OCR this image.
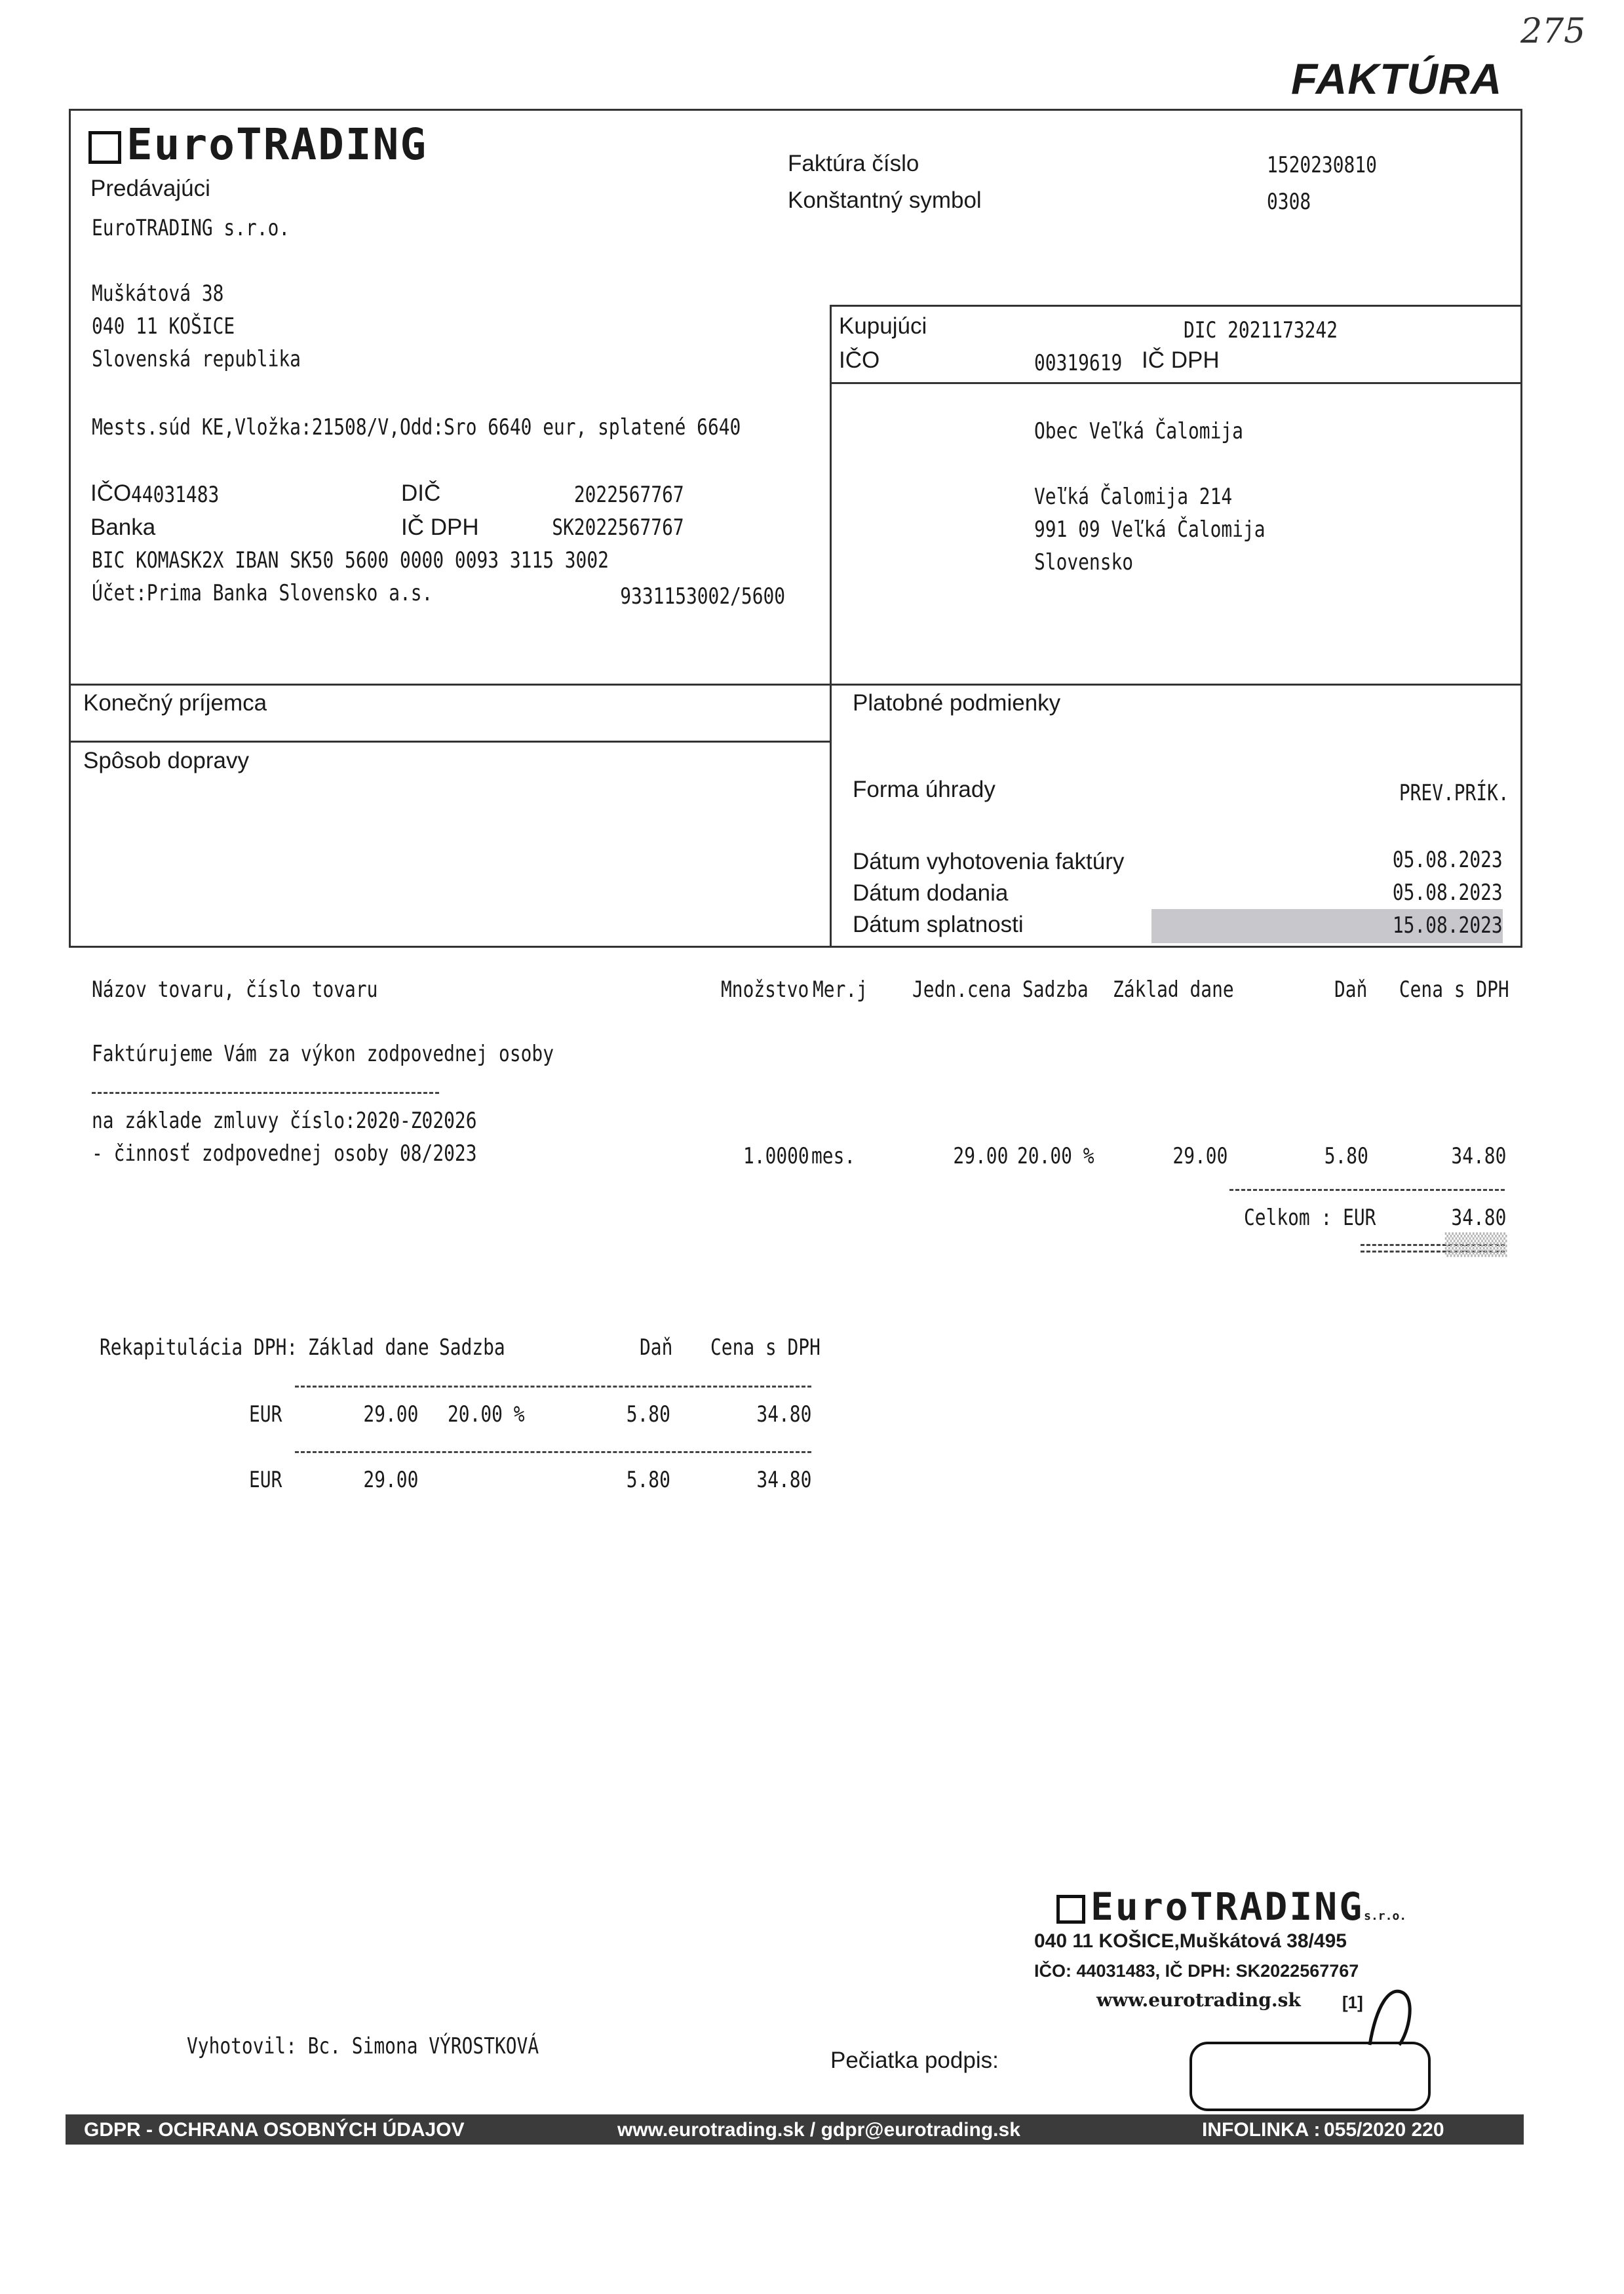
275
FAKTÚRA
EuroTRADING
Predávajúci
EuroTRADING s.r.o.
Muškátová 38
040 11 KOŠICE
Slovenská republika
Mests.súd KE,Vložka:21508/V,Odd:Sro 6640 eur, splatené 6640
IČO 44031483	DIČ	2022567767
Banka	IČ DPH	SK2022567767
BIC KOMASK2X IBAN SK50 5600 0000 0093 3115 3002
Účet:Prima Banka Slovensko a.s.	9331153002/5600
Faktúra číslo	1520230810
Konštantný symbol	0308
Kupujúci	DIC 2021173242
IČO	00319619 IČ DPH
Obec Veľká Čalomija
Veľká Čalomija 214
991 09 Veľká Čalomija
Slovensko
Konečný príjemca
Spôsob dopravy
Platobné podmienky
Forma úhrady	PREV.PRÍK.
Dátum vyhotovenia faktúry	05.08.2023
Dátum dodania	05.08.2023
Dátum splatnosti	15.08.2023
Názov tovaru, číslo tovaru	Množstvo Mer.j Jedn.cena Sadzba Základ dane	Daň Cena s DPH
Faktúrujeme Vám za výkon zodpovednej osoby
na základe zmluvy číslo:2020-Z02026
- činnosť zodpovednej osoby 08/2023	1.0000 mes.	29.00 20.00 %	29.00	5.80	34.80
Celkom : EUR	34.80
Rekapitulácia DPH: Základ dane Sadzba	Daň Cena s DPH
EUR	29.00 20.00 %	5.80	34.80
EUR	29.00	5.80	34.80
EuroTRADINGs.r.o.
040 11 KOŠICE,Muškátová 38/495
IČO: 44031483, IČ DPH: SK2022567767
www.eurotrading.sk [1]
Vyhotovil: Bc. Simona VÝROSTKOVÁ
Pečiatka podpis:
GDPR - OCHRANA OSOBNÝCH ÚDAJOV	www.eurotrading.sk / gdpr@eurotrading.sk	INFOLINKA : 055/2020 220
▒▒▒▒▒▒
